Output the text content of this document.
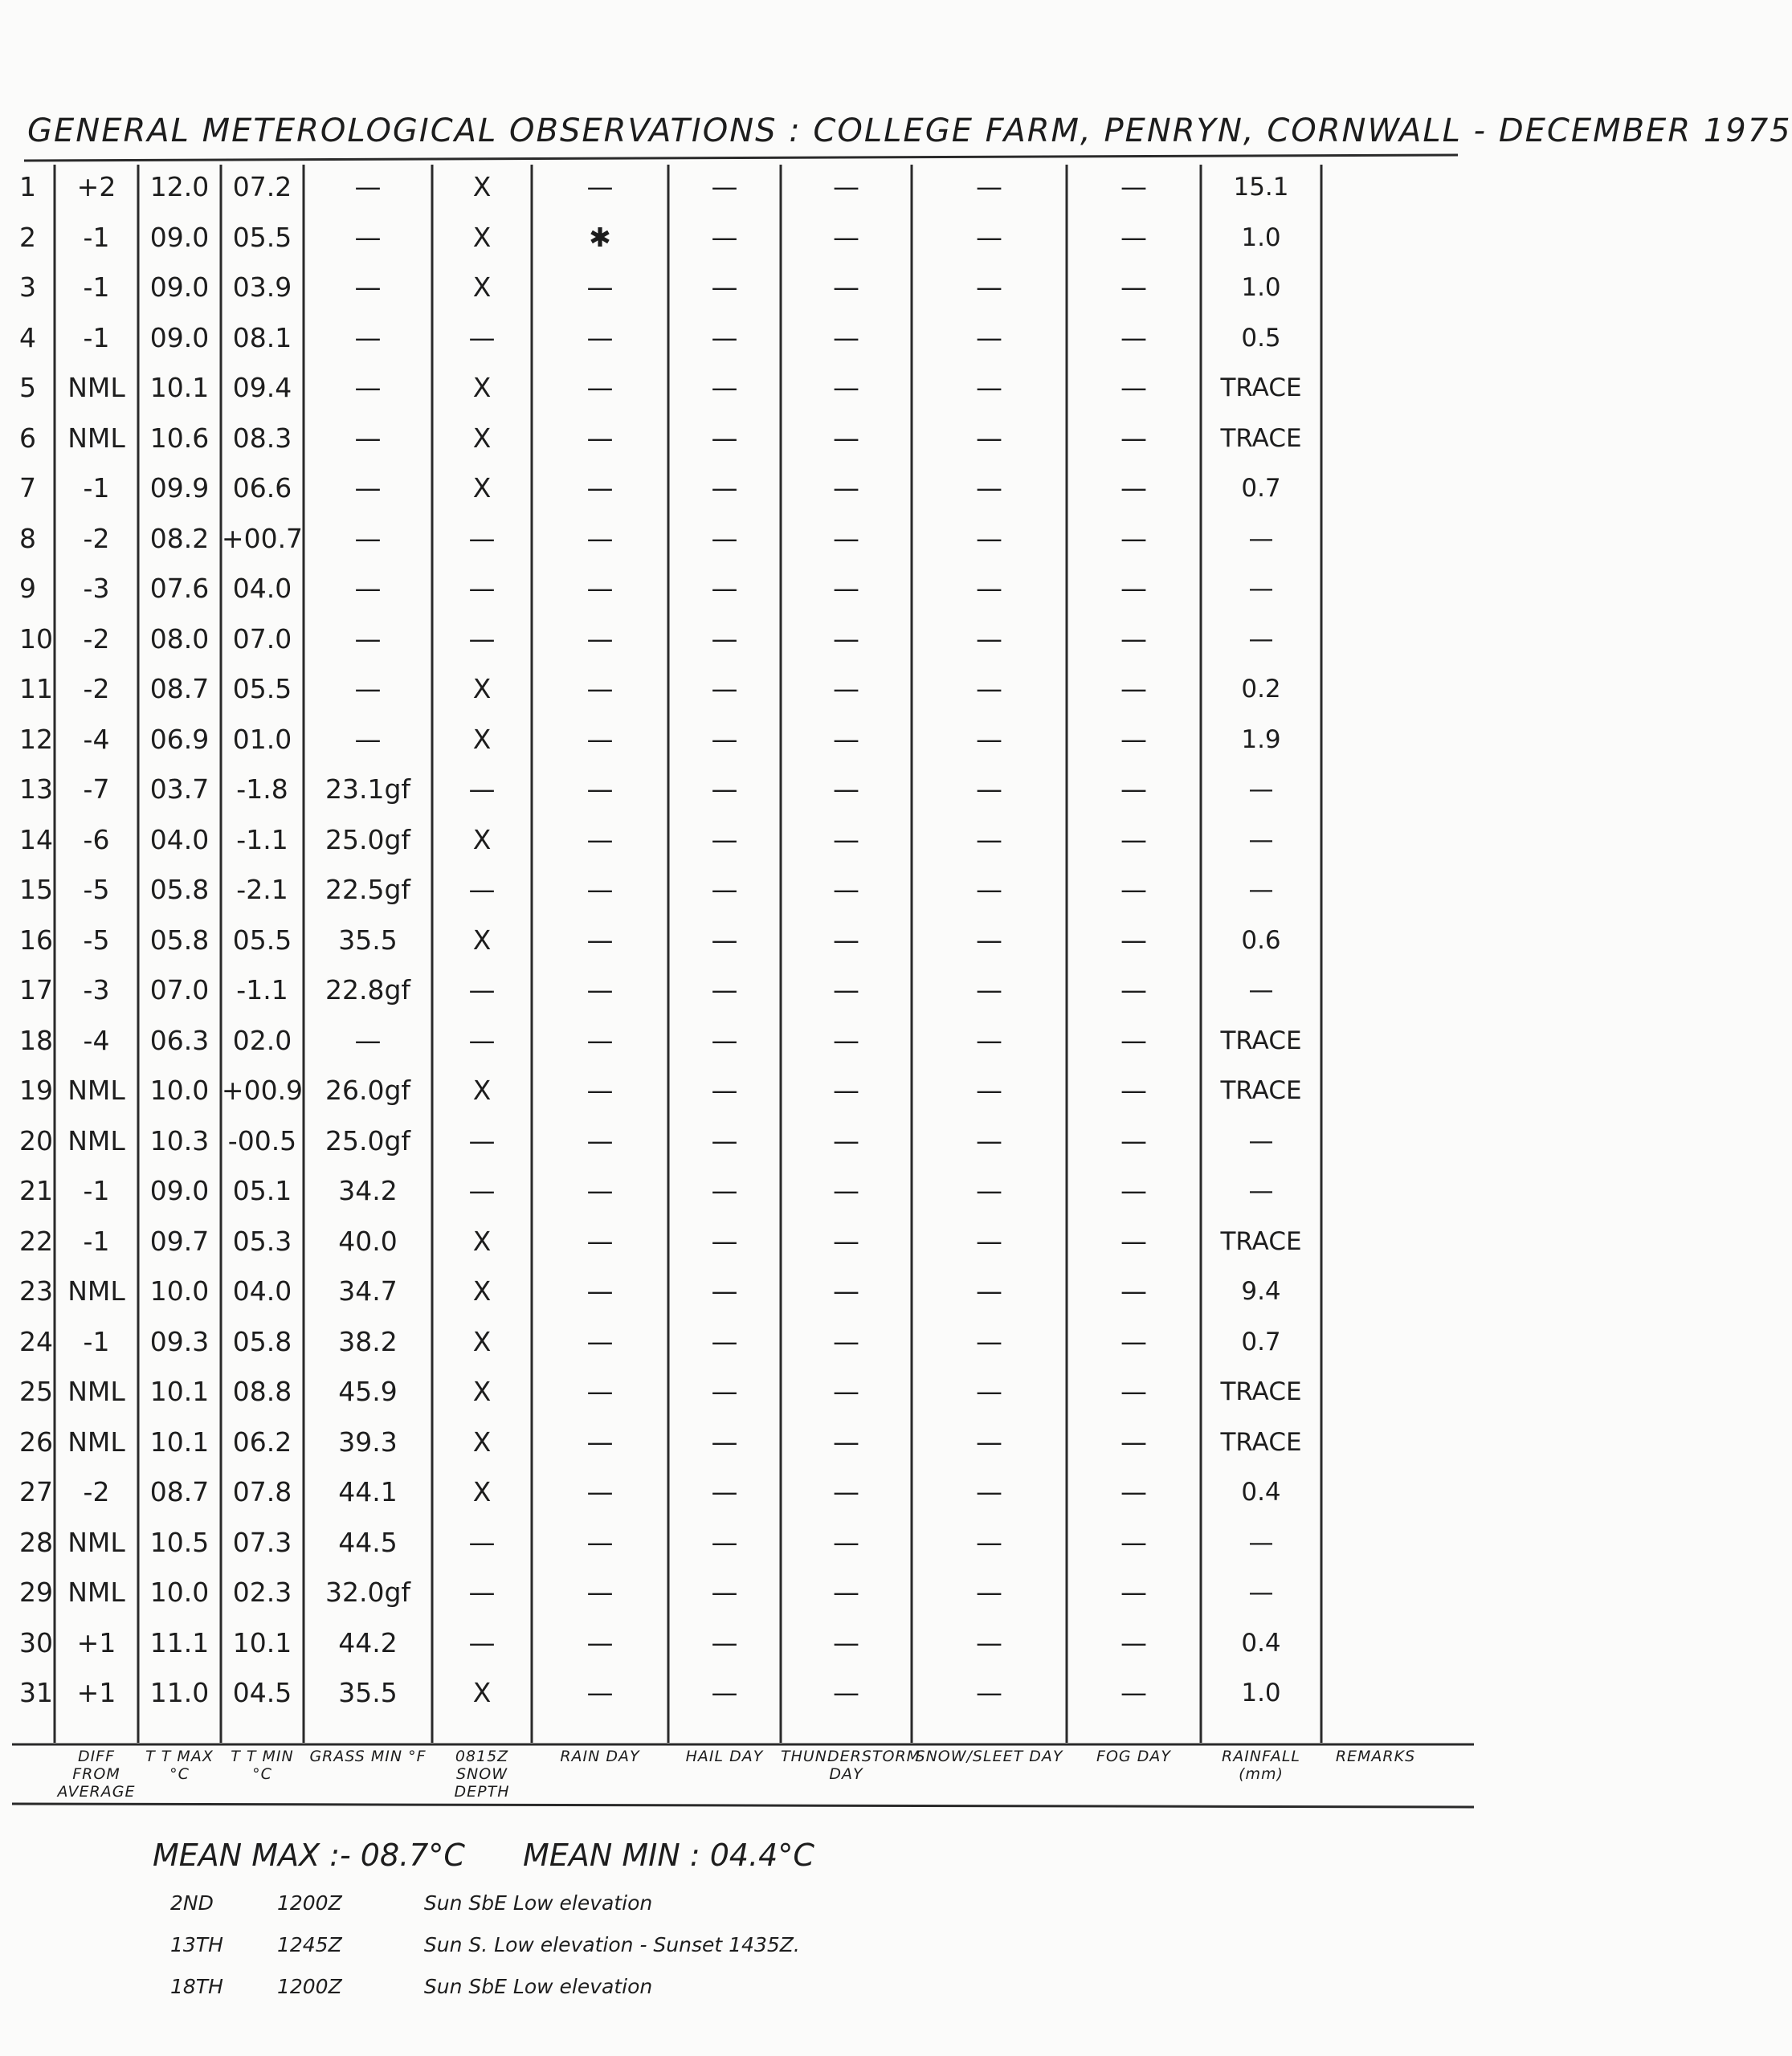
GENERAL METEROLOGICAL OBSERVATIONS : COLLEGE FARM, PENRYN, CORNWALL - DECEMBER 1975
1	+2	12.0 07.2	—	X	—	—	—	—	—	15.1
2	-1	09.0 05.5	—	X	✱	—	—	—	—	1.0
3	-1	09.0 03.9	—	X	—	—	—	—	—	1.0
4	-1	09.0 08.1	—	—	—	—	—	—	—	0.5
5	NML 10.1 09.4	—	X	—	—	—	—	—	TRACE
6	NML 10.6 08.3	—	X	—	—	—	—	—	TRACE
7	-1	09.9 06.6	—	X	—	—	—	—	—	0.7
8	-2	08.2 +00.7	—	—	—	—	—	—	—	—
9	-3	07.6 04.0	—	—	—	—	—	—	—	—
10	-2	08.0 07.0	—	—	—	—	—	—	—	—
11	-2	08.7 05.5	—	X	—	—	—	—	—	0.2
12	-4	06.9 01.0	—	X	—	—	—	—	—	1.9
13	-7	03.7	-1.8	23.1gf	—	—	—	—	—	—	—
14	-6	04.0	-1.1	25.0gf	X	—	—	—	—	—	—
15	-5	05.8	-2.1	22.5gf	—	—	—	—	—	—	—
16	-5	05.8 05.5	35.5	X	—	—	—	—	—	0.6
17	-3	07.0	-1.1	22.8gf	—	—	—	—	—	—	—
18	-4	06.3 02.0	—	—	—	—	—	—	—	TRACE
19 NML 10.0 +00.9 26.0gf	X	—	—	—	—	—	TRACE
20 NML 10.3 -00.5	25.0gf	—	—	—	—	—	—	—
21	-1	09.0 05.1	34.2	—	—	—	—	—	—	—
22	-1	09.7 05.3	40.0	X	—	—	—	—	—	TRACE
23 NML 10.0 04.0	34.7	X	—	—	—	—	—	9.4
24	-1	09.3 05.8	38.2	X	—	—	—	—	—	0.7
25 NML 10.1 08.8	45.9	X	—	—	—	—	—	TRACE
26 NML 10.1 06.2	39.3	X	—	—	—	—	—	TRACE
27	-2	08.7 07.8	44.1	X	—	—	—	—	—	0.4
28 NML 10.5 07.3	44.5	—	—	—	—	—	—	—
29 NML 10.0 02.3	32.0gf	—	—	—	—	—	—	—
30 +1	11.1 10.1	44.2	—	—	—	—	—	—	0.4
31 +1	11.0 04.5	35.5	X	—	—	—	—	—	1.0
DIFF FROM AVERAGE
T T MAX °C
T T MIN °C
GRASS MIN °F	0815Z SNOW DEPTH
RAIN DAY	HAIL DAY	THUNDERSTORM DAY
SNOW/SLEET DAY	FOG DAY	RAINFALL (mm)
REMARKS
MEAN MAX :- 08.7°C MEAN MIN : 04.4°C
2ND	1200Z	Sun SbE Low elevation
13TH	1245Z	Sun S. Low elevation - Sunset 1435Z.
18TH	1200Z	Sun SbE Low elevation
